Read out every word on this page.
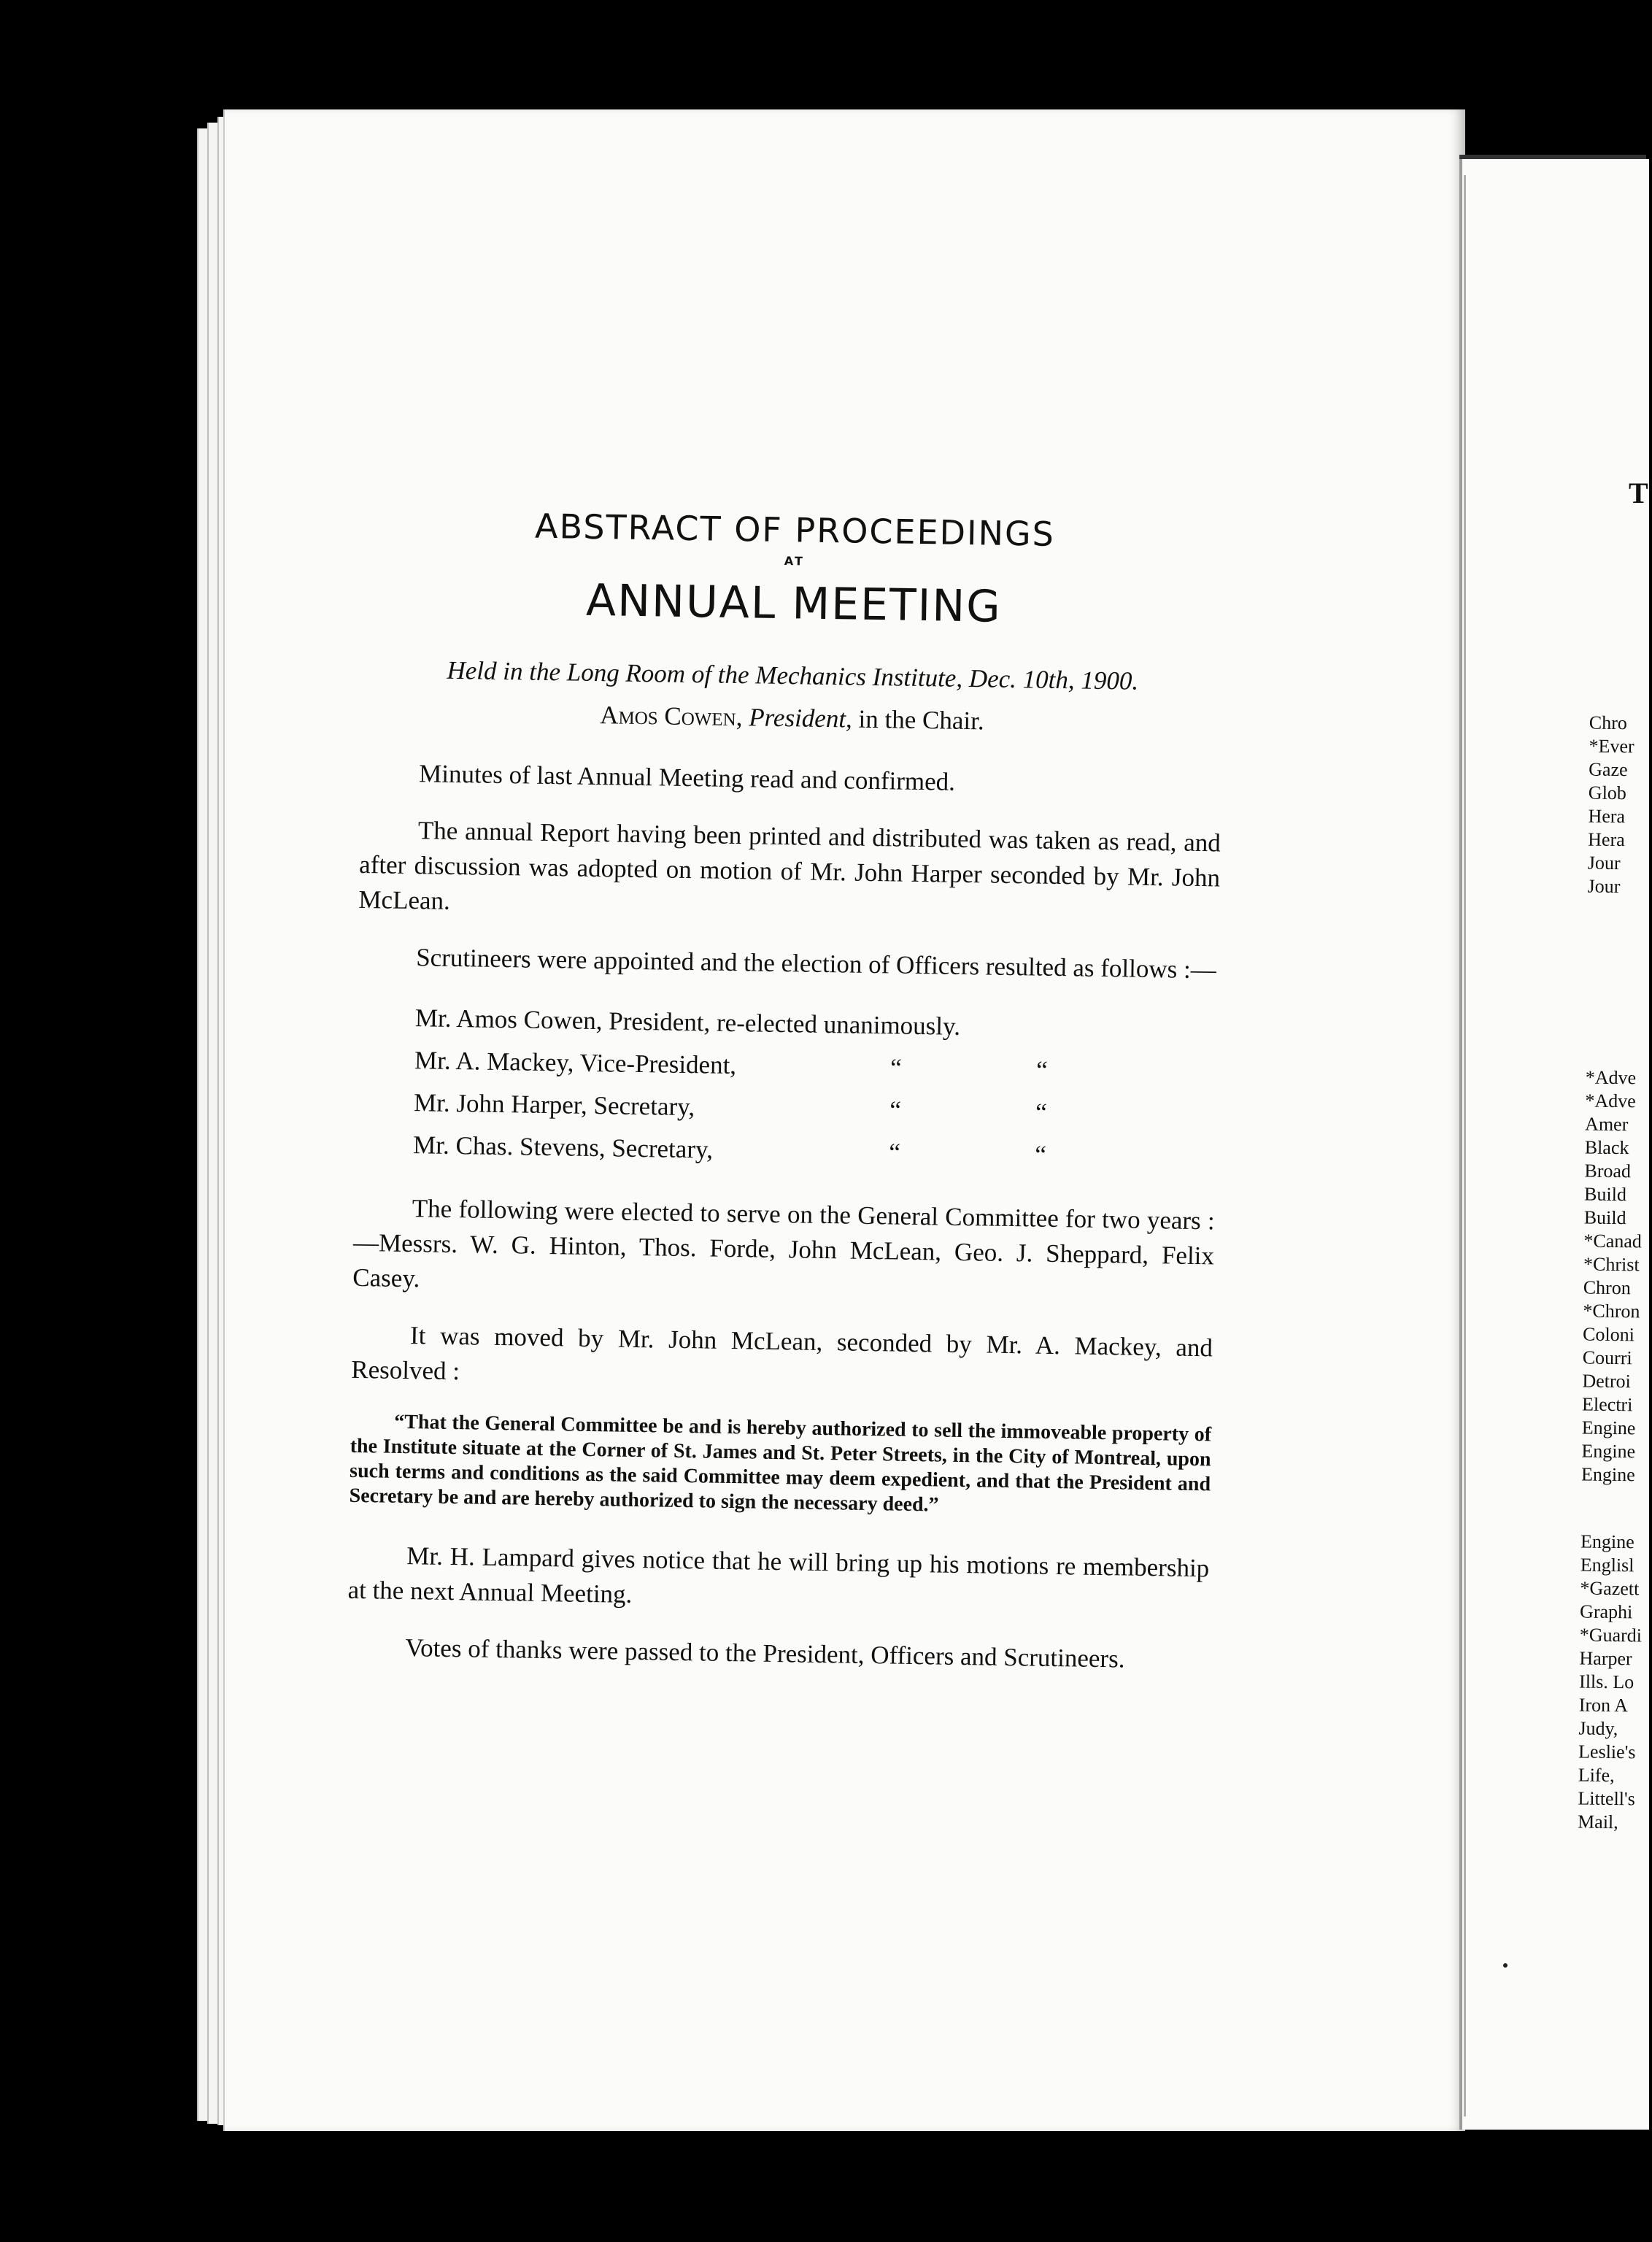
ABSTRACT OF PROCEEDINGS
AT
ANNUAL MEETING
Held in the Long Room of the Mechanics Institute, Dec. 10th, 1900.
Amos Cowen, President, in the Chair.

Minutes of last Annual Meeting read and confirmed.

The annual Report having been printed and distributed was taken as read, and after discussion was adopted on motion of Mr. John Harper seconded by Mr. John McLean.

Scrutineers were appointed and the election of Officers resulted as follows :—

Mr. Amos Cowen, President, re-elected unanimously.
Mr. A. Mackey, Vice-President,	“	“
Mr. John Harper, Secretary,	“	“
Mr. Chas. Stevens, Secretary,	“	“

The following were elected to serve on the General Committee for two years :—Messrs. W. G. Hinton, Thos. Forde, John McLean, Geo. J. Sheppard, Felix Casey.

It was moved by Mr. John McLean, seconded by Mr. A. Mackey, and Resolved :

“That the General Committee be and is hereby authorized to sell the immoveable property of the Institute situate at the Corner of St. James and St. Peter Streets, in the City of Montreal, upon such terms and conditions as the said Committee may deem expedient, and that the President and Secretary be and are hereby authorized to sign the necessary deed.”

Mr. H. Lampard gives notice that he will bring up his motions re membership at the next Annual Meeting.

Votes of thanks were passed to the President, Officers and Scrutineers.

T
Chro
*Ever
Gaze
Glob
Hera
Hera
Jour
Jour
*Adve
*Adve
Amer
Black
Broad
Build
Build
*Canad
*Christ
Chron
*Chron
Coloni
Courri
Detroi
Electri
Engine
Engine
Engine
Engine
Englisl
*Gazett
Graphi
*Guardi
Harper
Ills. Lo
Iron A
Judy,
Leslie's
Life,
Littell's
Mail,
